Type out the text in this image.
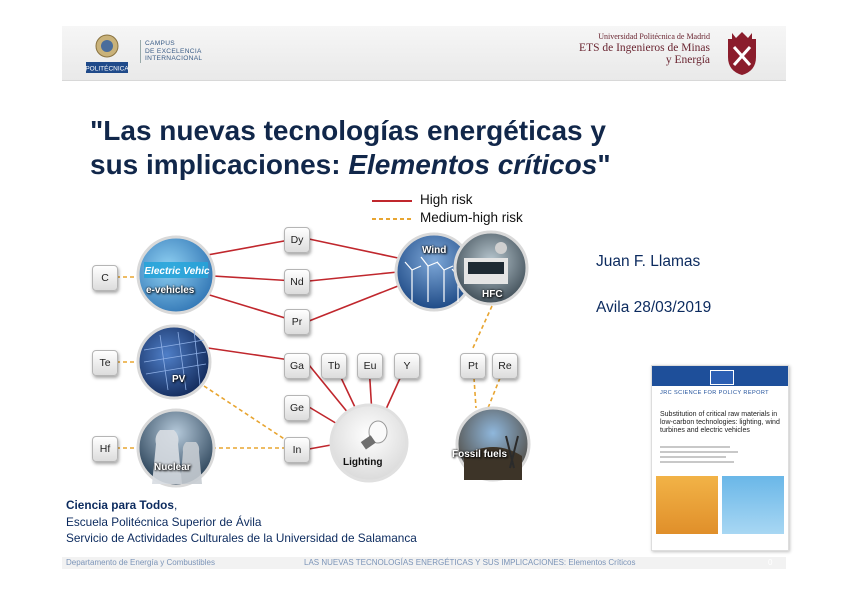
POLITÉCNICA
CAMPUS
DE EXCELENCIA
INTERNACIONAL
Universidad Politécnica de Madrid
ETS de Ingenieros de Minas
y Energía
"Las nuevas tecnologías energéticas y
sus implicaciones: Elementos críticos"
Electric Vehic
High risk
Medium-high risk
C
Te
Hf
Dy
Nd
Pr
Ga	Tb	Eu	Y
Ge
In
Pt	Re
e-vehicles
Wind
HFC
PV
Nuclear	Lighting
Fossil fuels
Juan F. Llamas
Avila 28/03/2019
Ciencia para Todos,
Escuela Politécnica Superior de Ávila
Servicio de Actividades Culturales de la Universidad de Salamanca
JRC SCIENCE FOR POLICY REPORT
Substitution of critical raw materials in low-carbon technologies: lighting, wind turbines and electric vehicles
Departamento de Energía y Combustibles	LAS NUEVAS TECNOLOGÍAS ENERGÉTICAS Y SUS IMPLICACIONES: Elementos Críticos	0
